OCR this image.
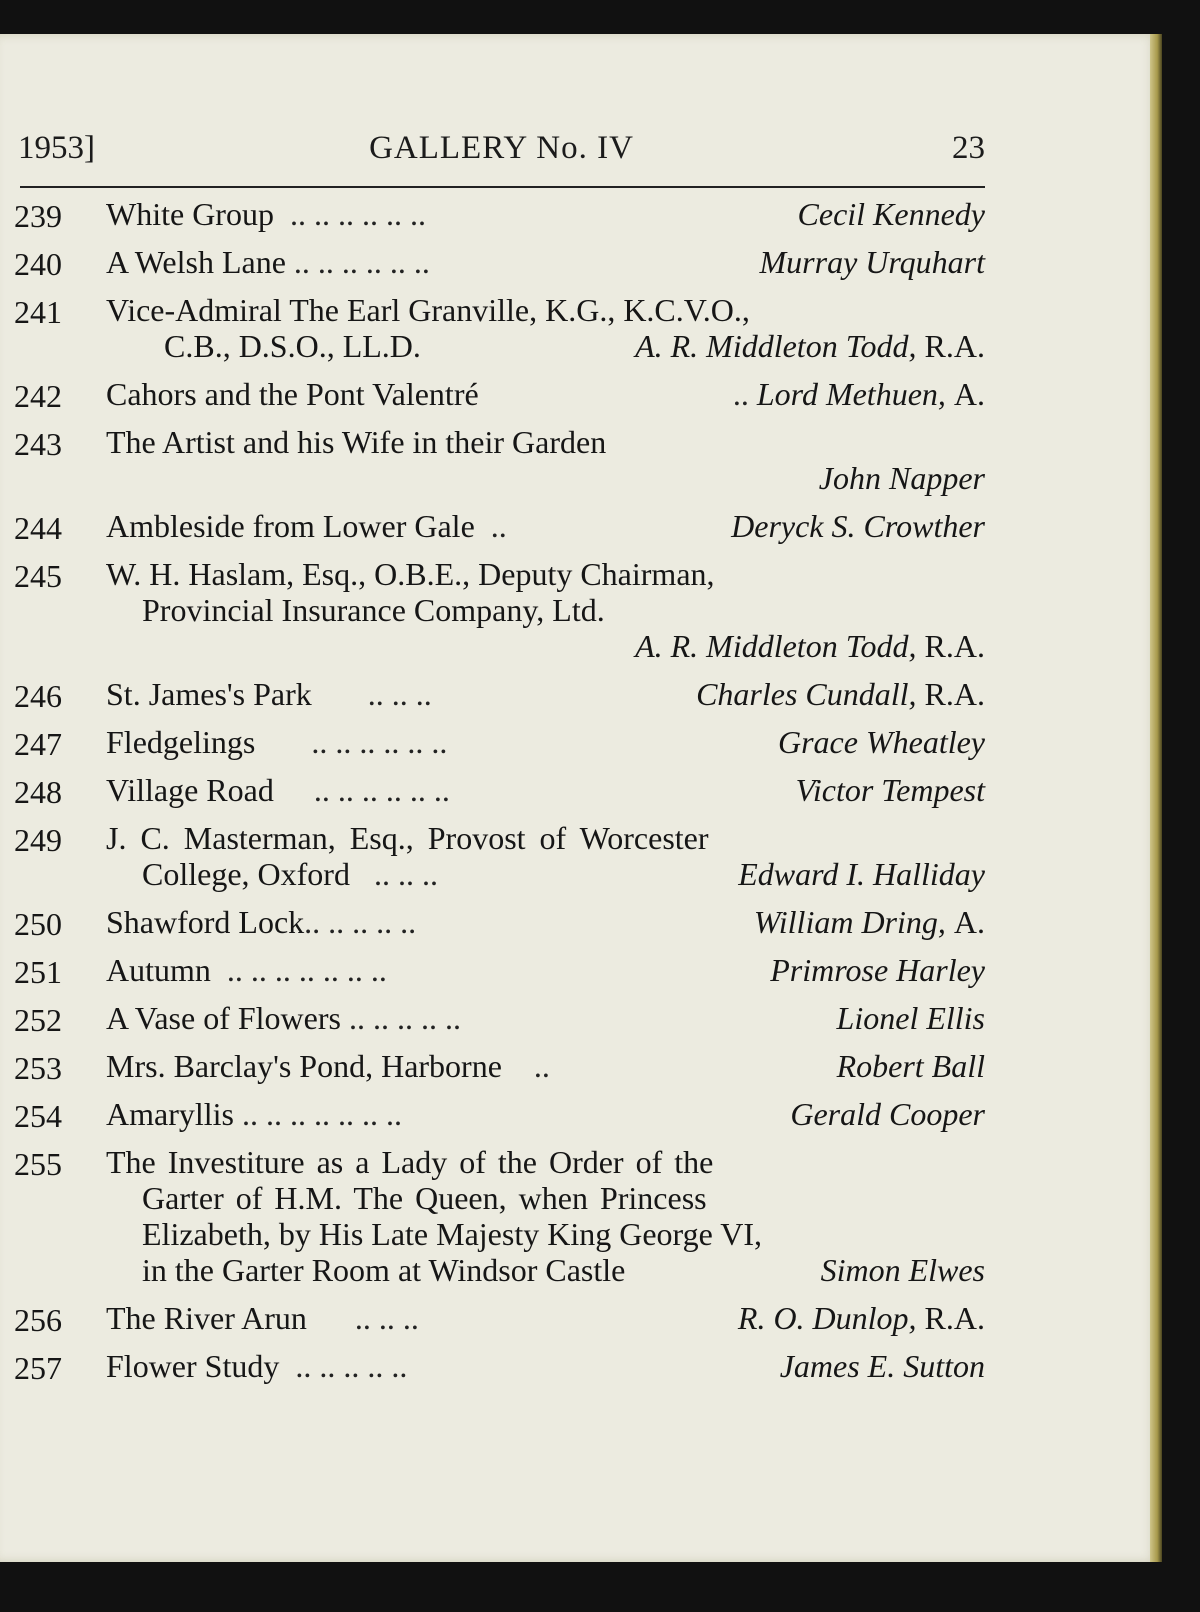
1953]	GALLERY No. IV	23
239 White Group .. .. .. .. .. ..	Cecil Kennedy
240 A Welsh Lane .. .. .. .. .. ..	Murray Urquhart
241 Vice-Admiral The Earl Granville, K.G., K.C.V.O.,
C.B., D.S.O., LL.D.	A. R. Middleton Todd, R.A.
242 Cahors and the Pont Valentré	.. Lord Methuen, A.
243 The Artist and his Wife in their Garden
John Napper
244 Ambleside from Lower Gale ..	Deryck S. Crowther
245 W. H. Haslam, Esq., O.B.E., Deputy Chairman,
Provincial Insurance Company, Ltd.
A. R. Middleton Todd, R.A.
246 St. James's Park .. .. ..	Charles Cundall, R.A.
247 Fledgelings .. .. .. .. .. ..	Grace Wheatley
248 Village Road .. .. .. .. .. ..	Victor Tempest
249 J. C. Masterman, Esq., Provost of Worcester
College, Oxford .. .. ..	Edward I. Halliday
250 Shawford Lock.. .. .. .. ..	William Dring, A.
251 Autumn .. .. .. .. .. .. ..	Primrose Harley
252 A Vase of Flowers .. .. .. .. ..	Lionel Ellis
253 Mrs. Barclay's Pond, Harborne ..	Robert Ball
254 Amaryllis .. .. .. .. .. .. ..	Gerald Cooper
255 The Investiture as a Lady of the Order of the
Garter of H.M. The Queen, when Princess
Elizabeth, by His Late Majesty King George VI,
in the Garter Room at Windsor Castle	Simon Elwes
256 The River Arun .. .. ..	R. O. Dunlop, R.A.
257 Flower Study .. .. .. .. ..	James E. Sutton
